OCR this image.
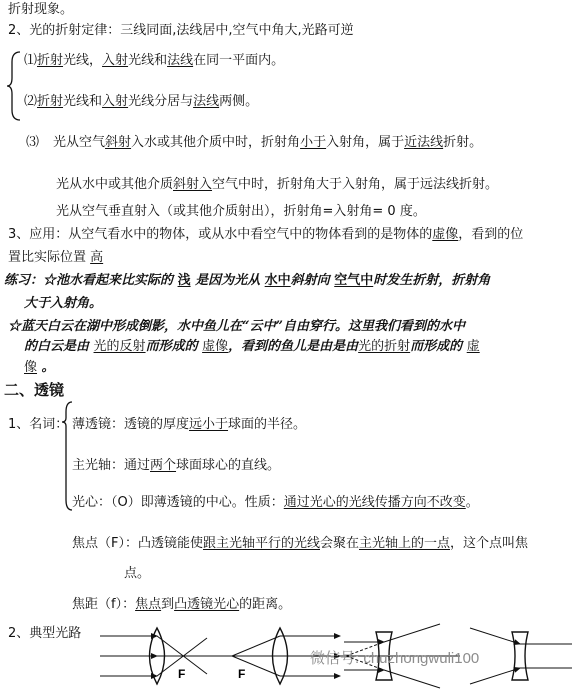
折射现象。
2、光的折射定律：三线同面,法线居中,空气中角大,光路可逆
⑴折射光线，入射光线和法线在同一平面内。
⑵折射光线和入射光线分居与法线两侧。
⑶ 光从空气斜射入水或其他介质中时，折射角小于入射角，属于近法线折射。
光从水中或其他介质斜射入空气中时，折射角大于入射角，属于远法线折射。
光从空气垂直射入（或其他介质射出），折射角=入射角= 0 度。
3、应用：从空气看水中的物体，或从水中看空气中的物体看到的是物体的虚像，看到的位
置比实际位置 高
练习：☆池水看起来比实际的 浅 是因为光从 水中斜射向 空气中时发生折射，折射角
大于入射角。
☆蓝天白云在湖中形成倒影，水中鱼儿在“云中”自由穿行。这里我们看到的水中
的白云是由 光的反射而形成的 虚像，看到的鱼儿是由是由光的折射而形成的 虚
像 。
二、透镜
1、名词： 薄透镜：透镜的厚度远小于球面的半径。
主光轴：通过两个球面球心的直线。
光心：（O）即薄透镜的中心。性质：通过光心的光线传播方向不改变。
焦点（F）：凸透镜能使跟主光轴平行的光线会聚在主光轴上的一点，这个点叫焦
点。
焦距（f）：焦点到凸透镜光心的距离。
2、典型光路
F	F
微信号: chuzhongwuli100
